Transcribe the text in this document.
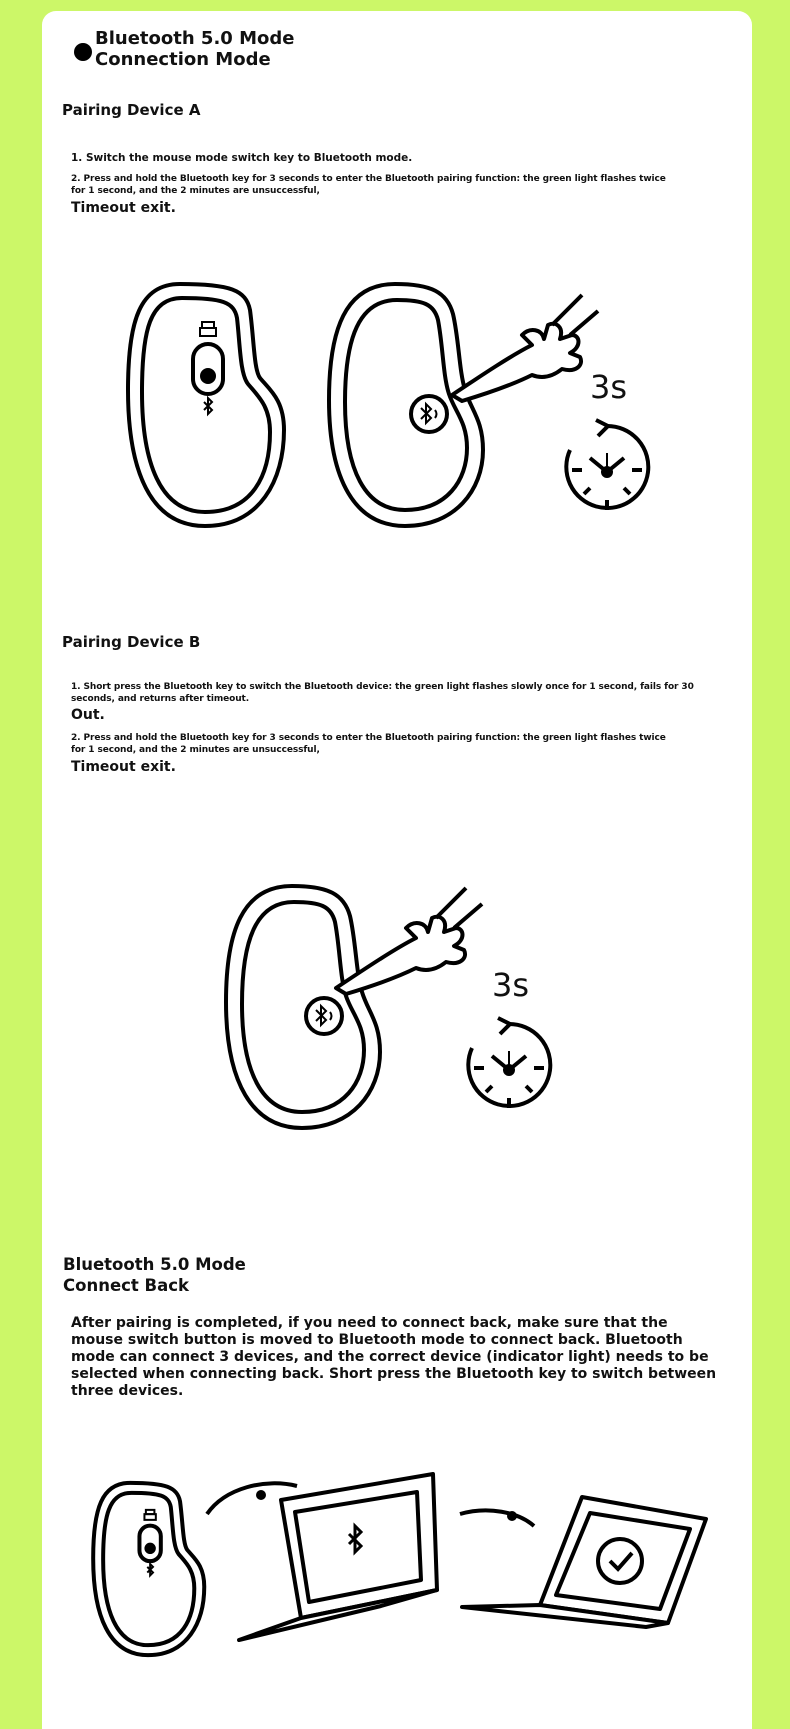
Bluetooth 5.0 Mode
Connection Mode
Pairing Device A
1. Switch the mouse mode switch key to Bluetooth mode.
2. Press and hold the Bluetooth key for 3 seconds to enter the Bluetooth pairing function: the green light flashes twice for 1 second, and the 2 minutes are unsuccessful,
Timeout exit.
3s
Pairing Device B
1. Short press the Bluetooth key to switch the Bluetooth device: the green light flashes slowly once for 1 second, fails for 30 seconds, and returns after timeout.
Out.
2. Press and hold the Bluetooth key for 3 seconds to enter the Bluetooth pairing function: the green light flashes twice for 1 second, and the 2 minutes are unsuccessful,
Timeout exit.
3s
Bluetooth 5.0 Mode
Connect Back
After pairing is completed, if you need to connect back, make sure that the mouse switch button is moved to Bluetooth mode to connect back. Bluetooth mode can connect 3 devices, and the correct device (indicator light) needs to be selected when connecting back. Short press the Bluetooth key to switch between three devices.
